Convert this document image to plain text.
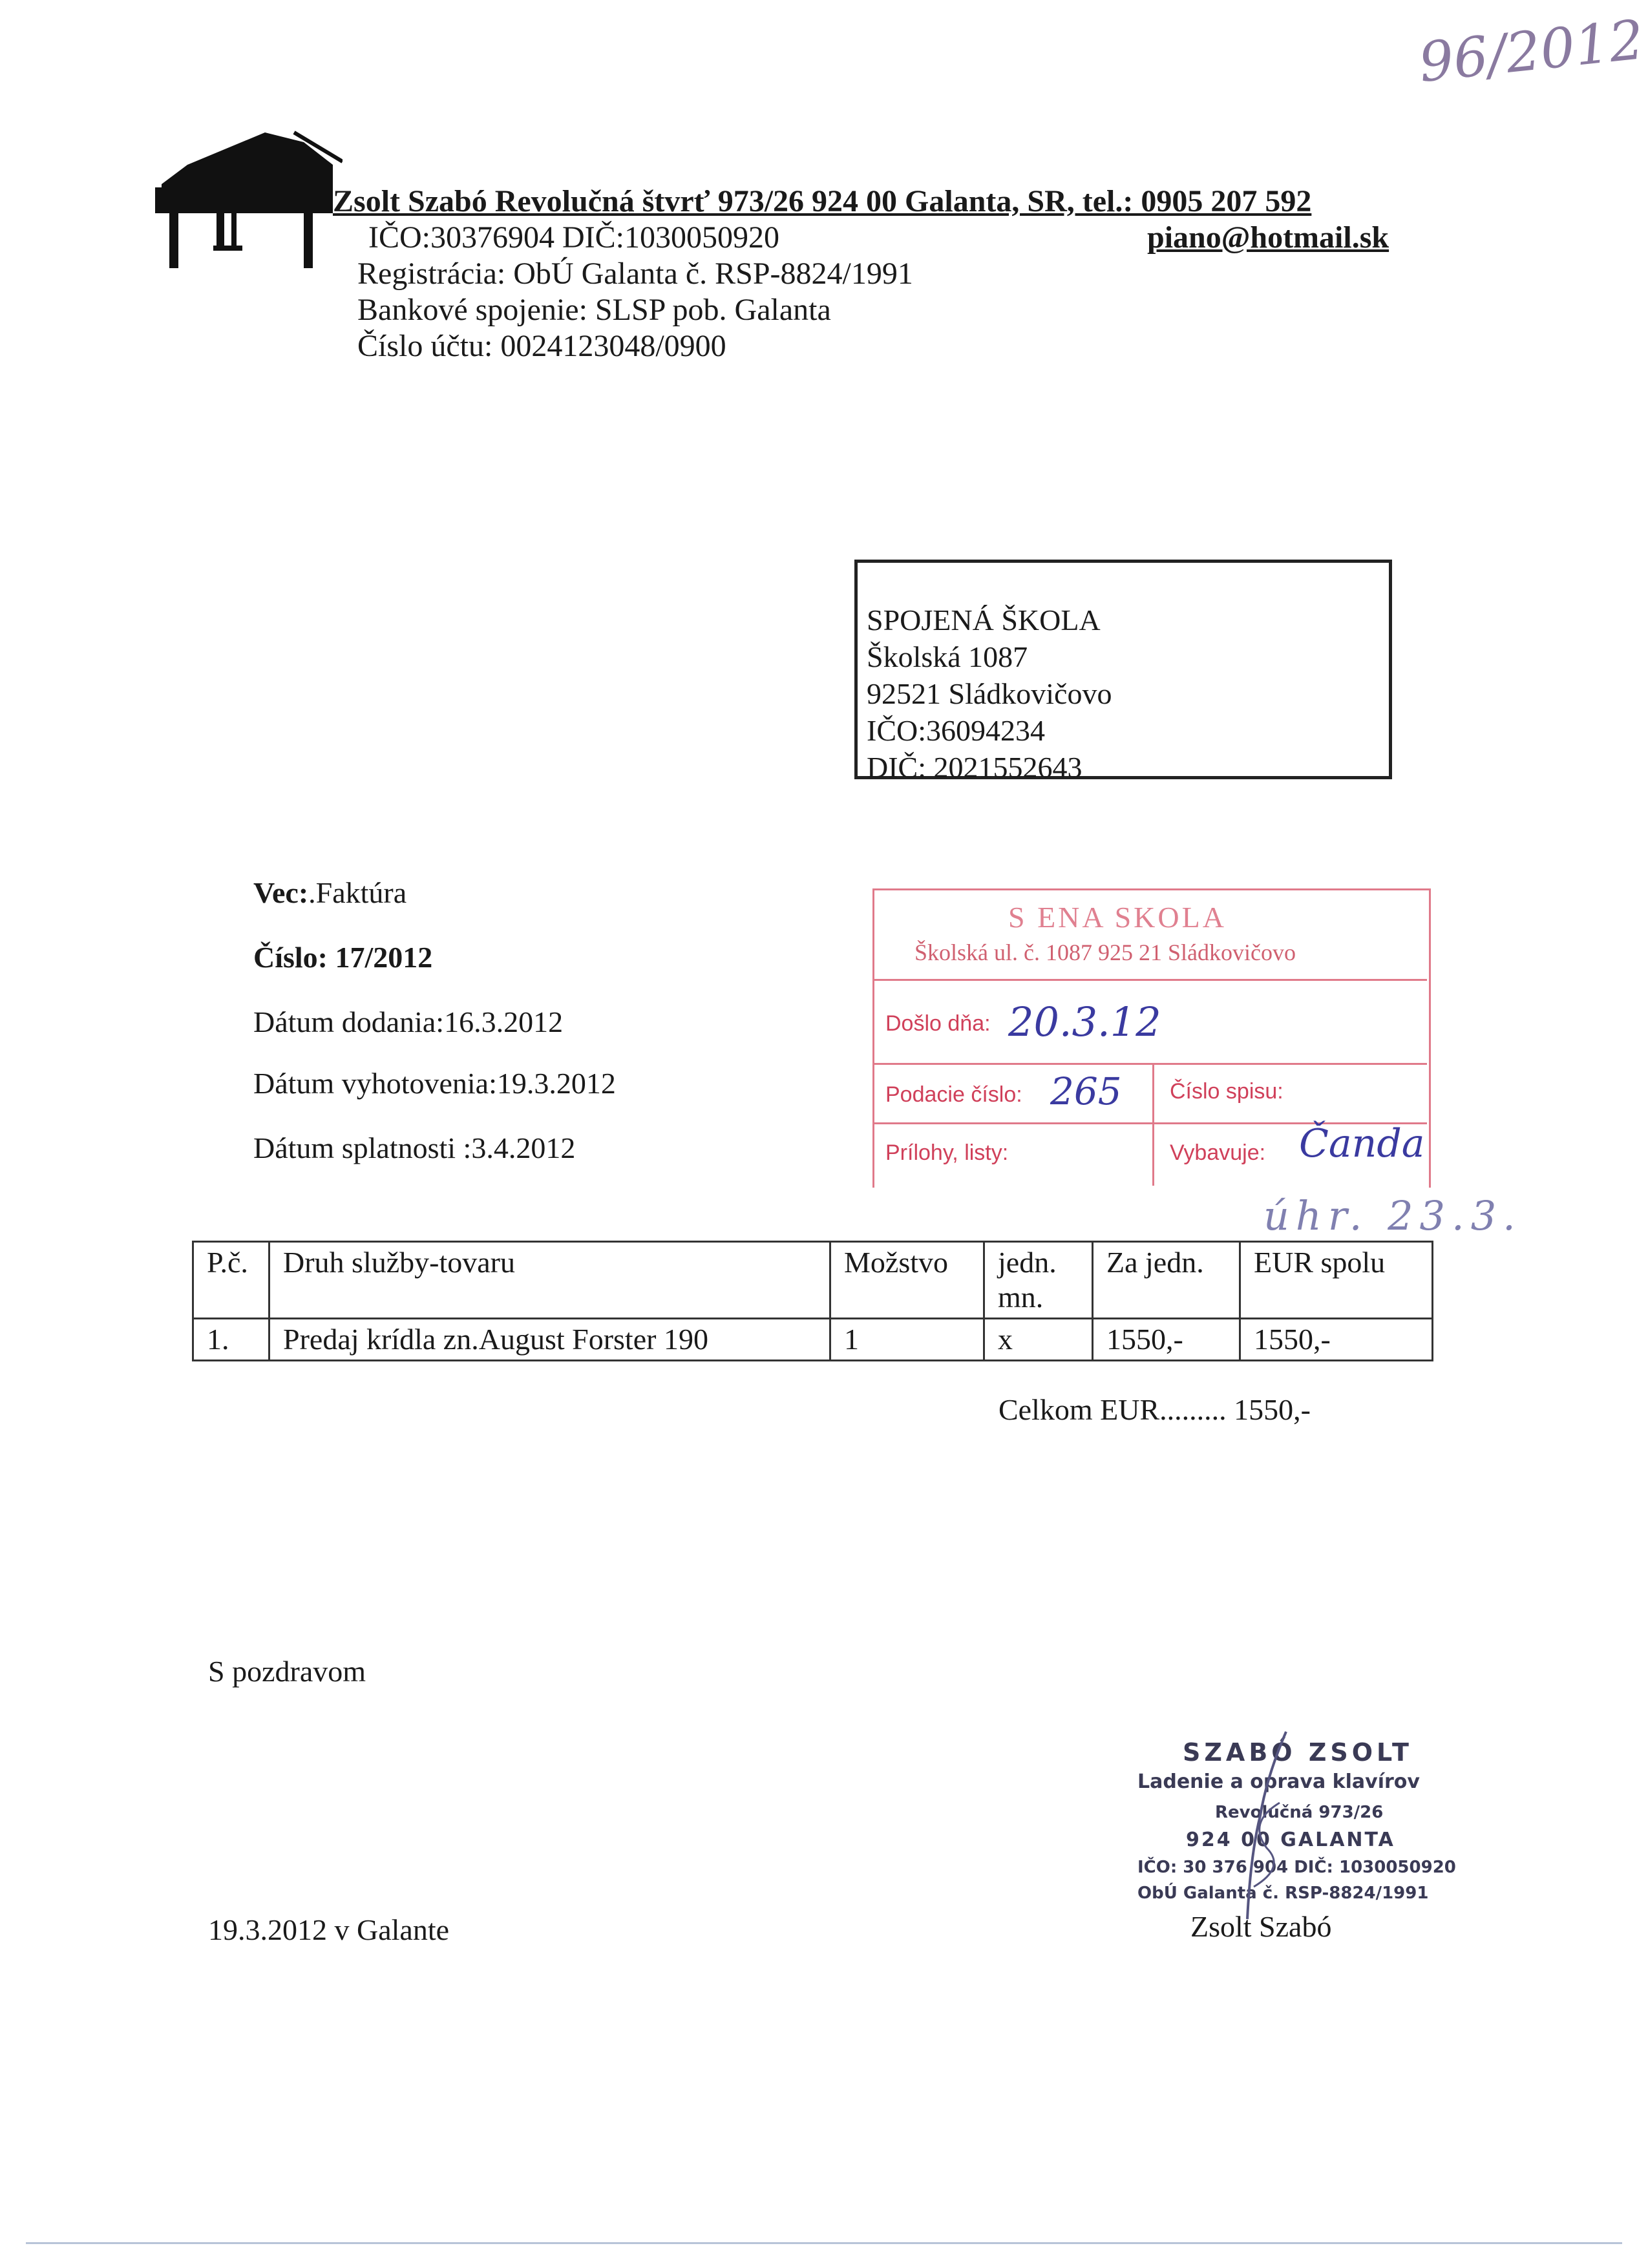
96/2012
Zsolt Szabó Revolučná štvrť 973/26 924 00 Galanta, SR, tel.: 0905 207 592
IČO:30376904 DIČ:1030050920	piano@hotmail.sk
Registrácia: ObÚ Galanta č. RSP-8824/1991
Bankové spojenie: SLSP pob. Galanta
Číslo účtu: 0024123048/0900
SPOJENÁ ŠKOLA
Školská 1087
92521 Sládkovičovo
IČO:36094234
DIČ: 2021552643
Vec:.Faktúra
Číslo: 17/2012
Dátum dodania:16.3.2012
Dátum vyhotovenia:19.3.2012
Dátum splatnosti :3.4.2012
S ENA SKOLA
Školská ul. č. 1087 925 21 Sládkovičovo
Došlo dňa: 20.3.12
Podacie číslo: 265 Číslo spisu:
Prílohy, listy:	Vybavuje: Čanda
úhr. 23.3.
P.č.	Druh služby-tovaru	Možstvo	jedn. mn.	Za jedn.	EUR spolu
1.	Predaj krídla zn.August Forster 190	1	x	1550,-	1550,-
Celkom EUR......... 1550,-
S pozdravom
19.3.2012 v Galante
SZABÓ ZSOLT
Ladenie a oprava klavírov
Revolučná 973/26
924 00 GALANTA
IČO: 30 376 904 DIČ: 1030050920
ObÚ Galanta č. RSP-8824/1991
Zsolt Szabó
